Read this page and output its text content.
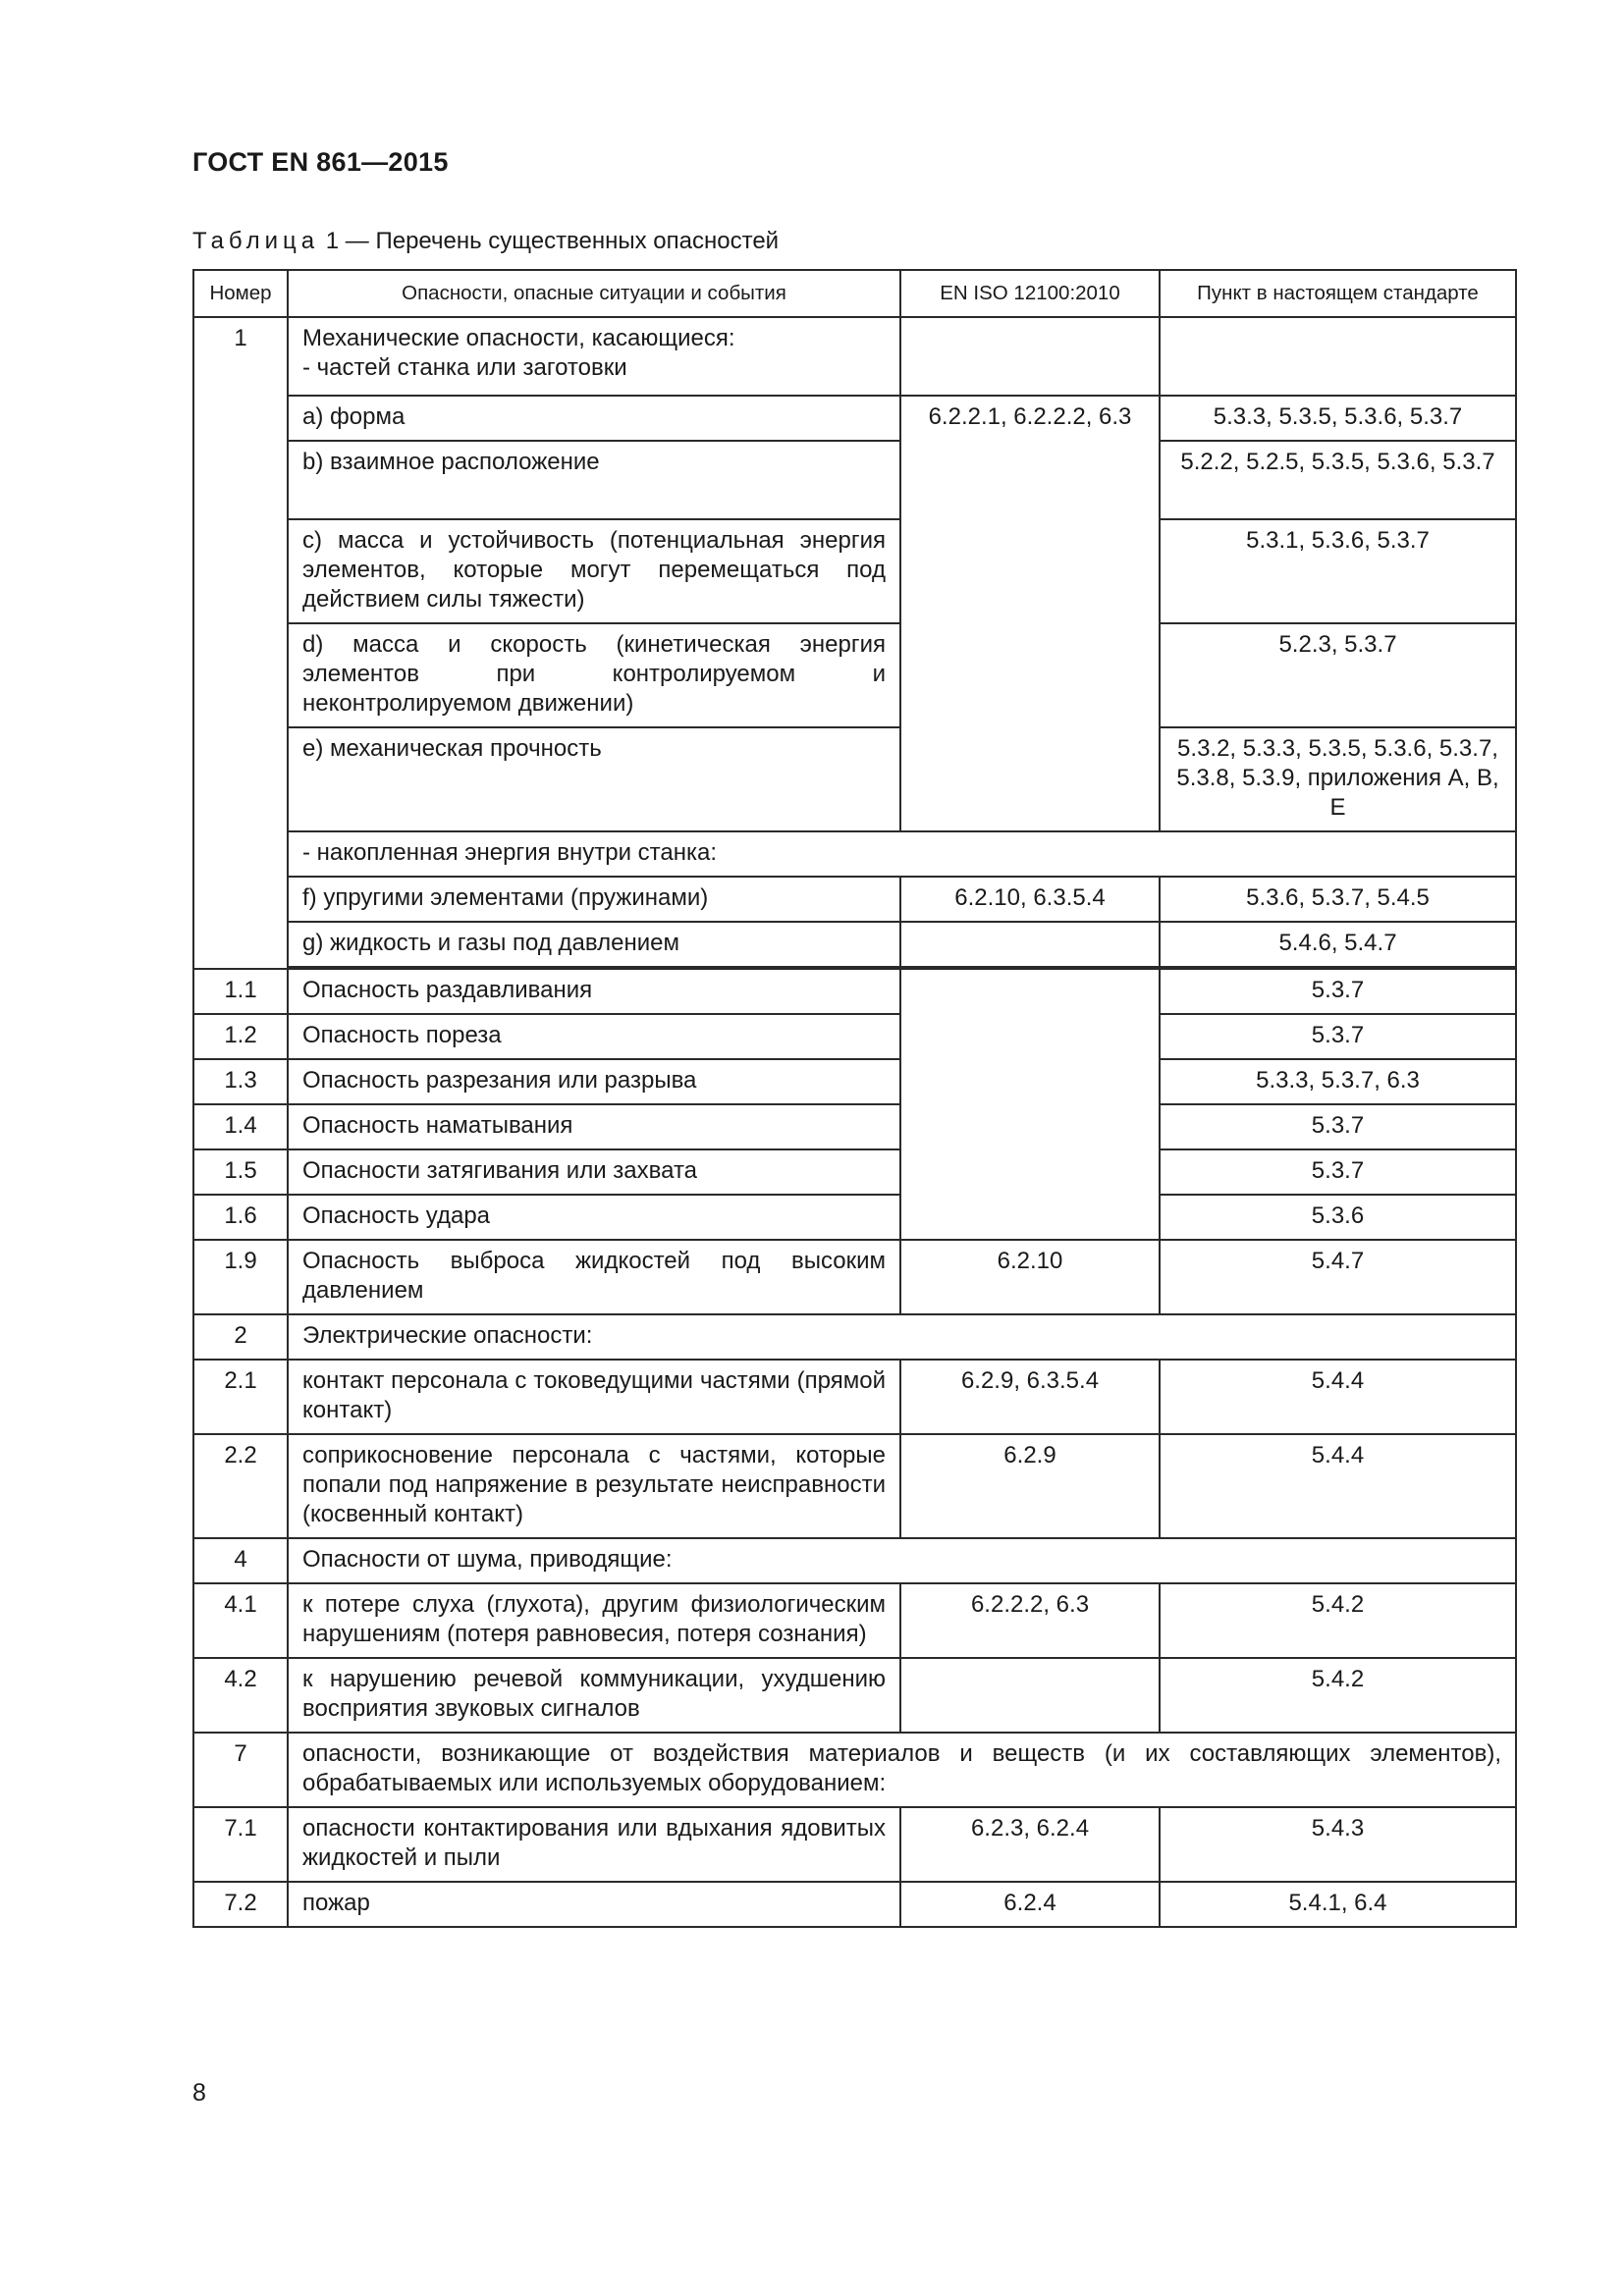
ГОСТ EN 861—2015
Таблица 1 — Перечень существенных опасностей
Номер	Опасности, опасные ситуации и события	EN ISO 12100:2010	Пункт в настоящем стандарте
1	Механические опасности, касающиеся:
- частей станка или заготовки		

	a) форма	6.2.2.1, 6.2.2.2, 6.3	5.3.3, 5.3.5, 5.3.6, 5.3.7
	b) взаимное расположение		5.2.2, 5.2.5, 5.3.5, 5.3.6, 5.3.7
	c) масса и устойчивость (потенциальная энергия элементов, которые могут перемещаться под действием силы тяжести)		5.3.1, 5.3.6, 5.3.7
	d) масса и скорость (кинетическая энергия элементов при контролируемом и неконтролируемом движении)		5.2.3, 5.3.7
	e) механическая прочность		5.3.2, 5.3.3, 5.3.5, 5.3.6, 5.3.7, 5.3.8, 5.3.9, приложения A, B, E
	- накопленная энергия внутри станка:		
	f) упругими элементами (пружинами)	6.2.10, 6.3.5.4	5.3.6, 5.3.7, 5.4.5
	g) жидкость и газы под давлением		5.4.6, 5.4.7

1.1	Опасность раздавливания		5.3.7
1.2	Опасность пореза		5.3.7
1.3	Опасность разрезания или разрыва		5.3.3, 5.3.7, 6.3
1.4	Опасность наматывания		5.3.7
1.5	Опасности затягивания или захвата		5.3.7
1.6	Опасность удара		5.3.6
1.9	Опасность выброса жидкостей под высоким давлением	6.2.10	5.4.7
2	Электрические опасности:		
2.1	контакт персонала с токоведущими частями (прямой контакт)	6.2.9, 6.3.5.4	5.4.4
2.2	соприкосновение персонала с частями, которые попали под напряжение в результате неисправности (косвенный контакт)	6.2.9	5.4.4
4	Опасности от шума, приводящие:		
4.1	к потере слуха (глухота), другим физиологическим нарушениям (потеря равновесия, потеря сознания)	6.2.2.2, 6.3	5.4.2
4.2	к нарушению речевой коммуникации, ухудшению восприятия звуковых сигналов		5.4.2
7	опасности, возникающие от воздействия материалов и веществ (и их составляющих элементов), обрабатываемых или используемых оборудованием:		
7.1	опасности контактирования или вдыхания ядовитых жидкостей и пыли	6.2.3, 6.2.4	5.4.3
7.2	пожар	6.2.4	5.4.1, 6.4
8
